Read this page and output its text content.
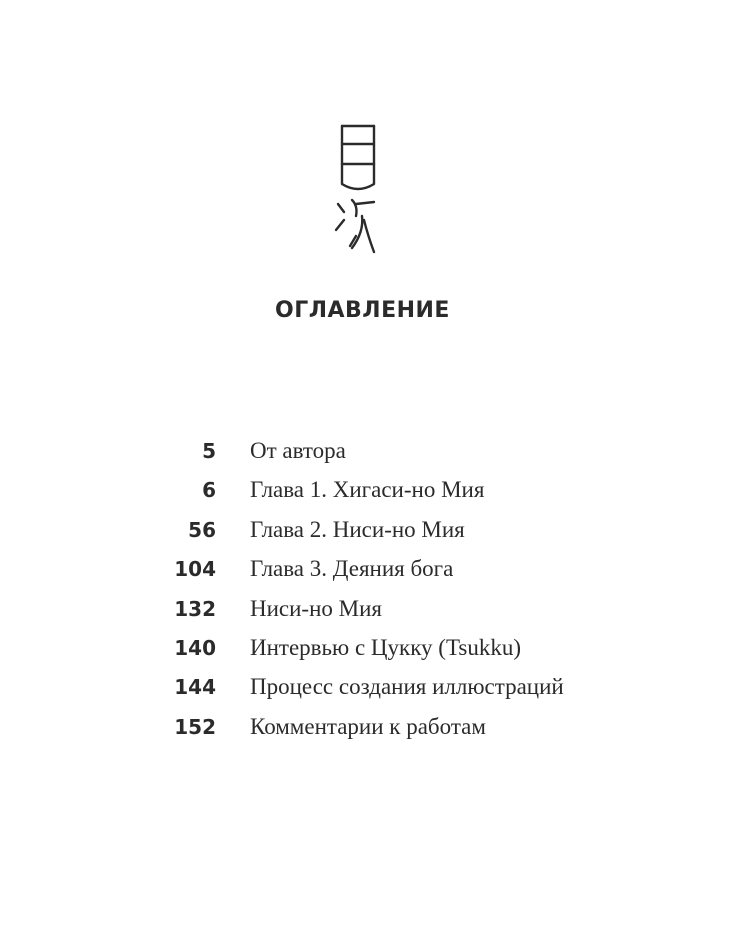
ОГЛАВЛЕНИЕ
5 От автора
6 Глава 1. Хигаси-но Мия
56 Глава 2. Ниси-но Мия
104 Глава 3. Деяния бога
132 Ниси-но Мия
140 Интервью с Цукку (Tsukku)
144 Процесс создания иллюстраций
152 Комментарии к работам
